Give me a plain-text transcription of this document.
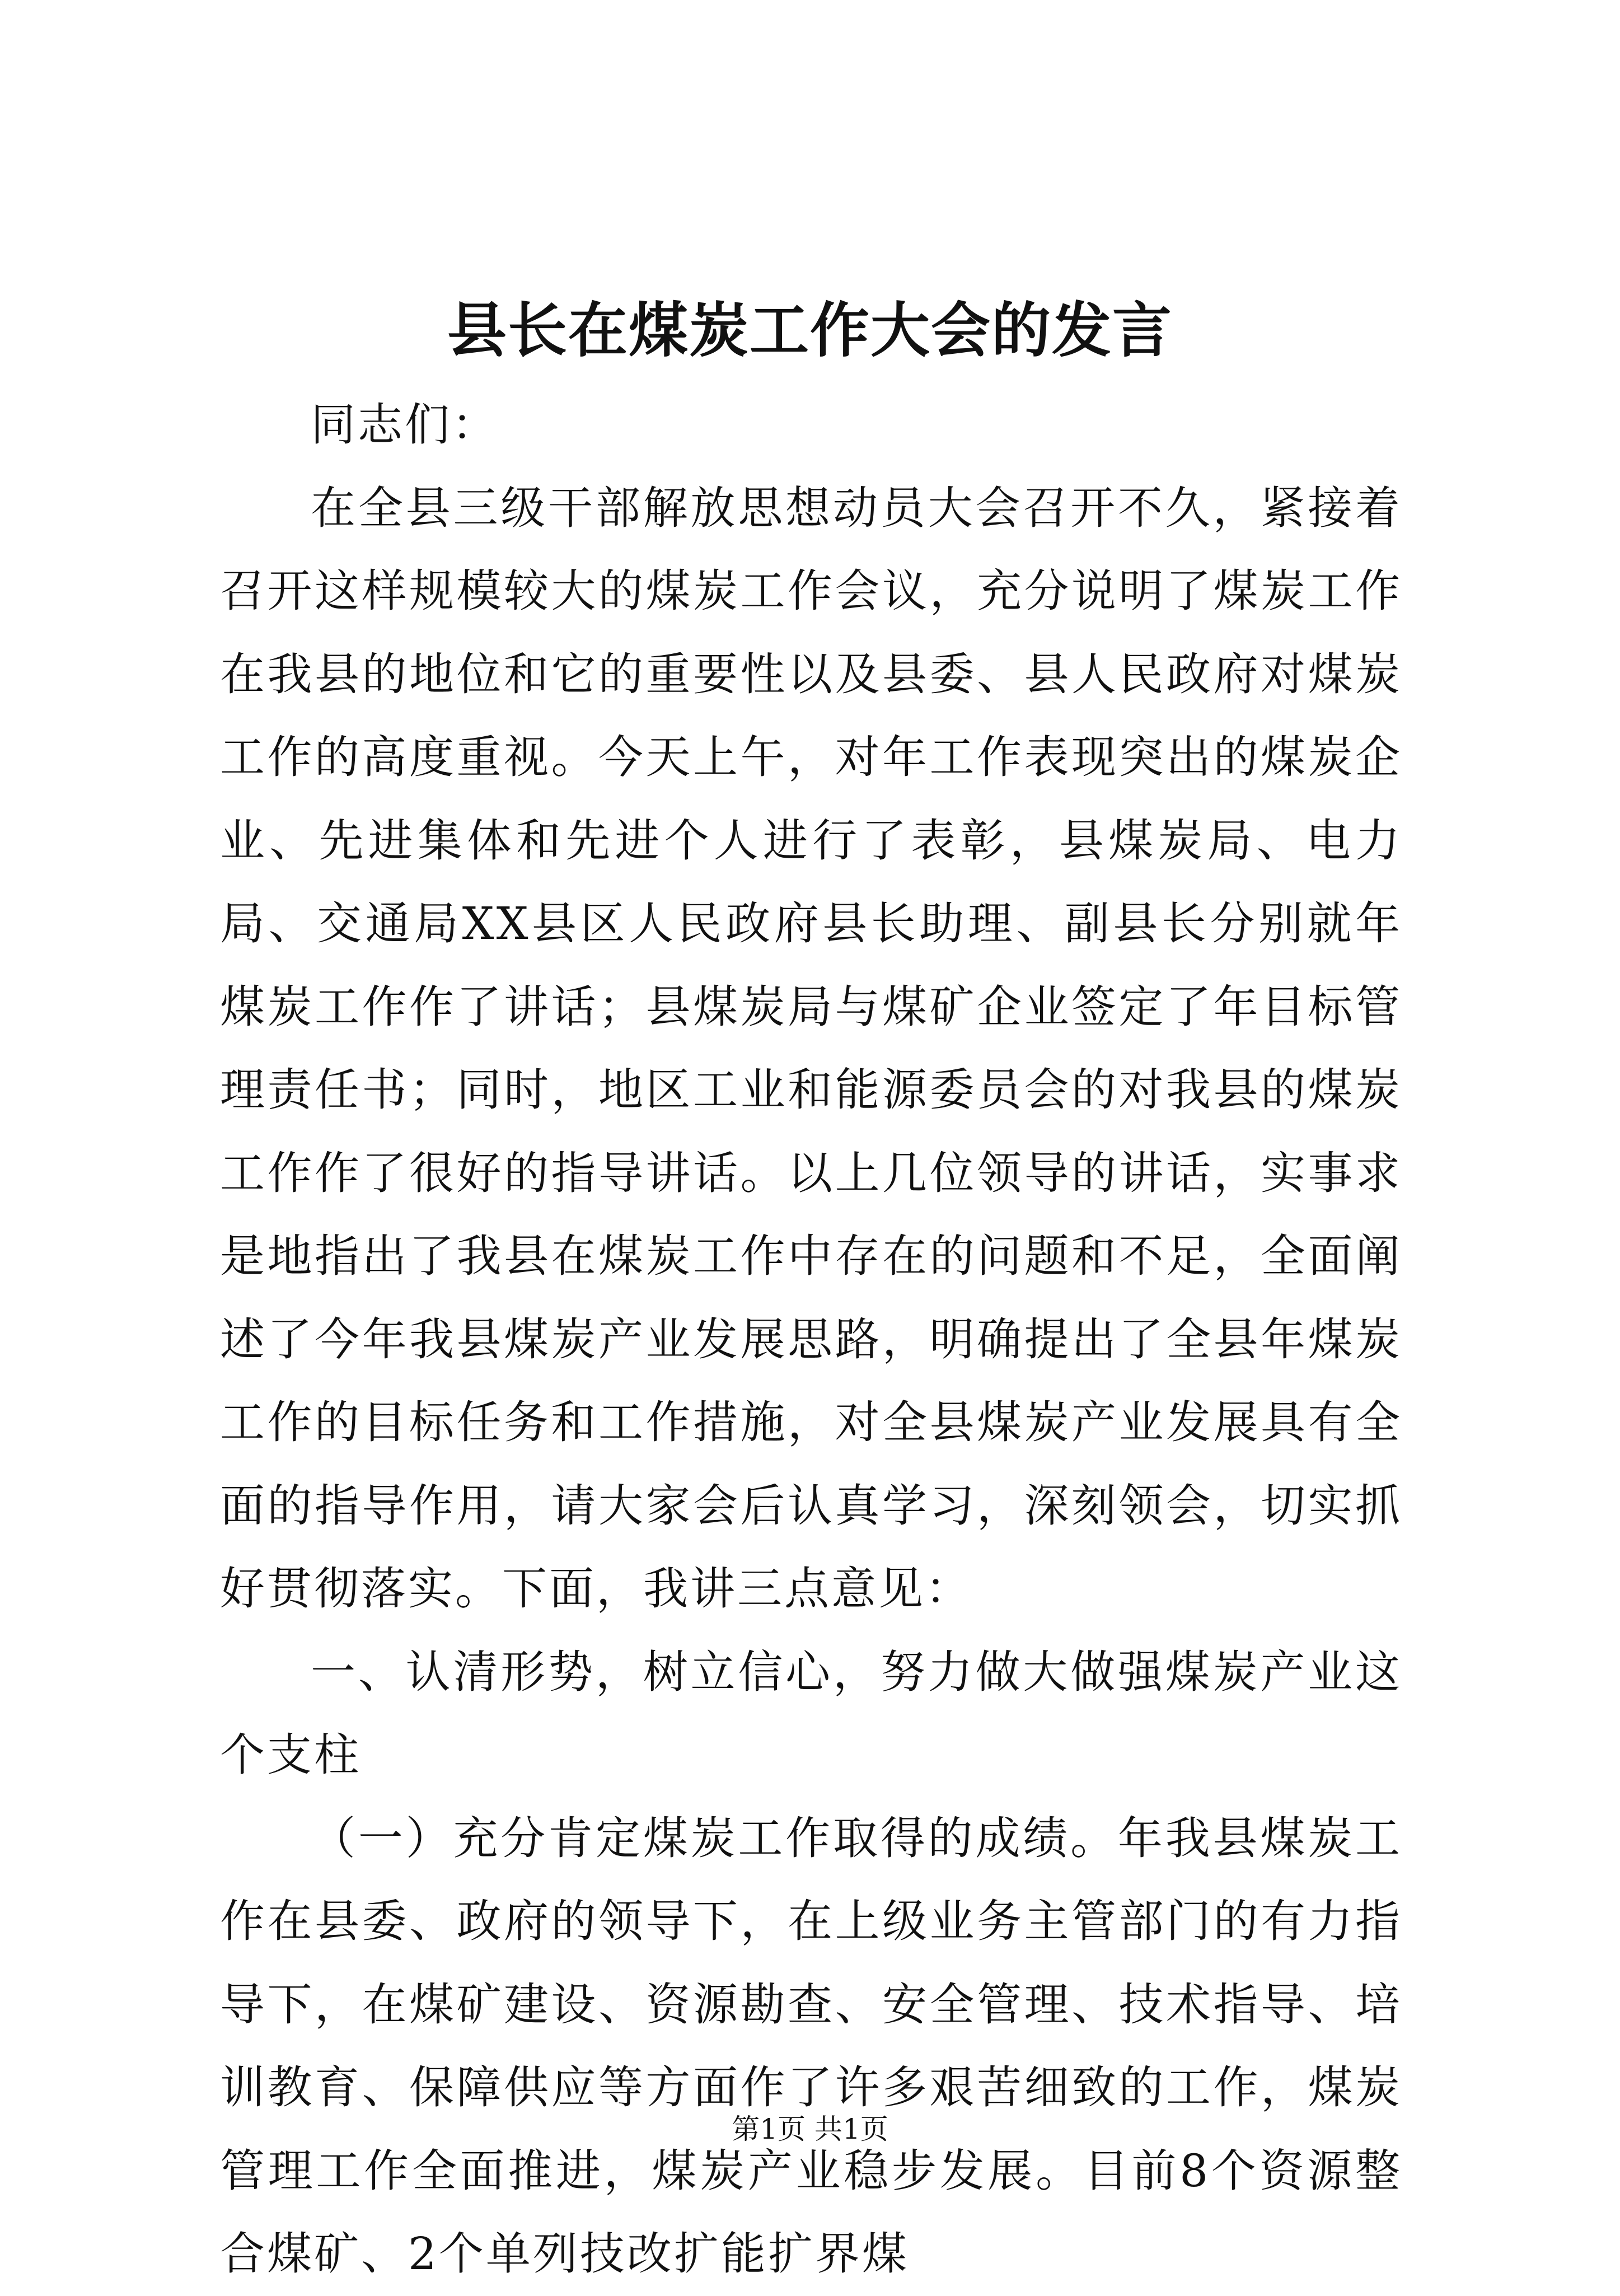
县长在煤炭工作大会的发言

同志们：

在全县三级干部解放思想动员大会召开不久，紧接着召开这样规模较大的煤炭工作会议，充分说明了煤炭工作在我县的地位和它的重要性以及县委、县人民政府对煤炭工作的高度重视。今天上午，对年工作表现突出的煤炭企业、先进集体和先进个人进行了表彰，县煤炭局、电力局、交通局XX县区人民政府县长助理、副县长分别就年煤炭工作作了讲话；县煤炭局与煤矿企业签定了年目标管理责任书；同时，地区工业和能源委员会的对我县的煤炭工作作了很好的指导讲话。以上几位领导的讲话，实事求是地指出了我县在煤炭工作中存在的问题和不足，全面阐述了今年我县煤炭产业发展思路，明确提出了全县年煤炭工作的目标任务和工作措施，对全县煤炭产业发展具有全面的指导作用，请大家会后认真学习，深刻领会，切实抓好贯彻落实。下面，我讲三点意见：

一、认清形势，树立信心，努力做大做强煤炭产业这个支柱

（一）充分肯定煤炭工作取得的成绩。年我县煤炭工作在县委、政府的领导下，在上级业务主管部门的有力指导下，在煤矿建设、资源勘查、安全管理、技术指导、培训教育、保障供应等方面作了许多艰苦细致的工作，煤炭管理工作全面推进，煤炭产业稳步发展。目前8个资源整合煤矿、2个单列技改扩能扩界煤

第1页 共1页
